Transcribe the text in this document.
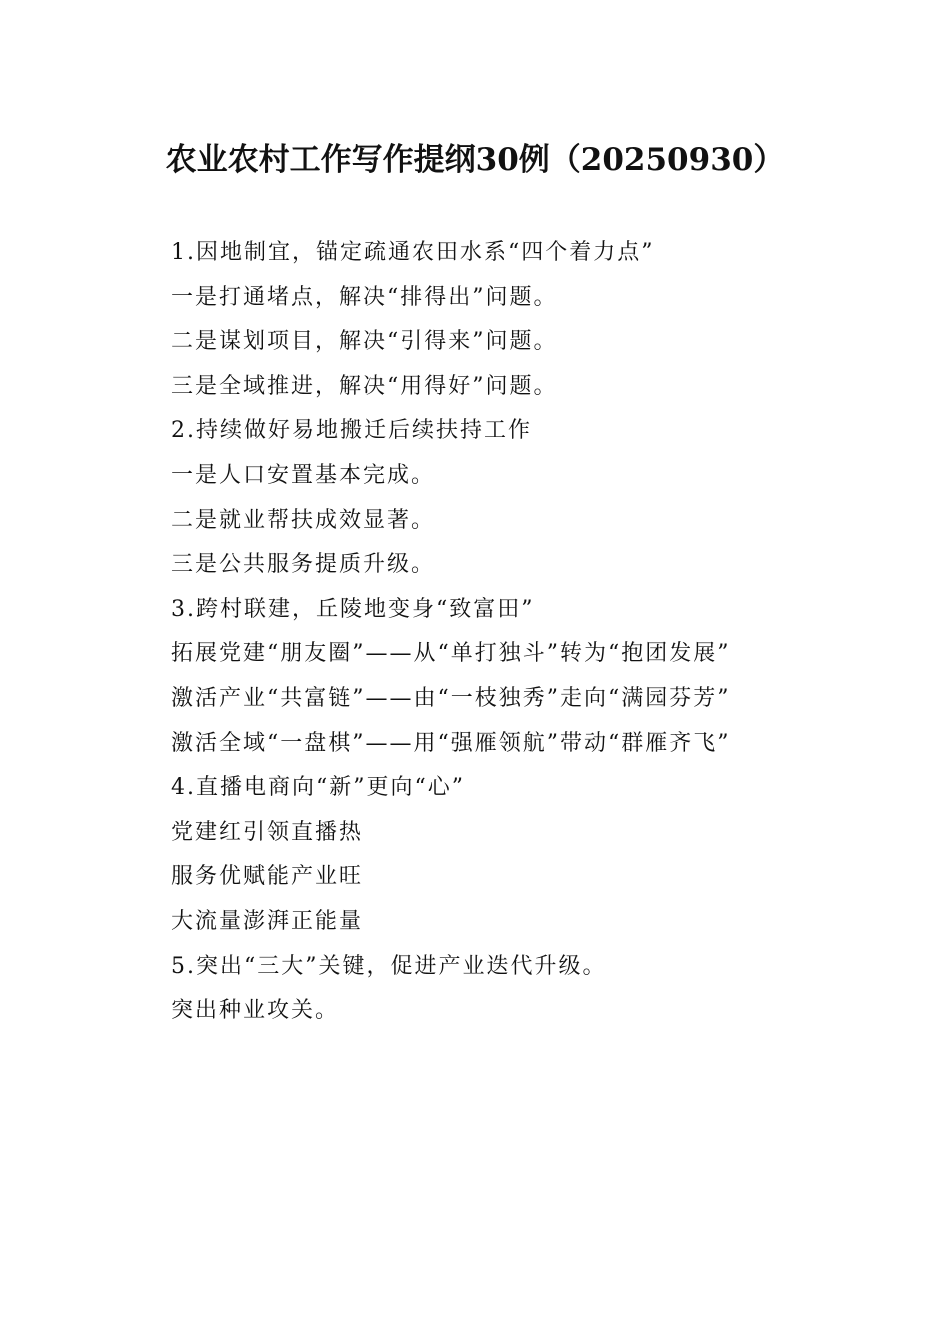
农业农村工作写作提纲30例（20250930）
1.因地制宜，锚定疏通农田水系“四个着力点”
一是打通堵点，解决“排得出”问题。
二是谋划项目，解决“引得来”问题。
三是全域推进，解决“用得好”问题。
2.持续做好易地搬迁后续扶持工作
一是人口安置基本完成。
二是就业帮扶成效显著。
三是公共服务提质升级。
3.跨村联建，丘陵地变身“致富田”
拓展党建“朋友圈”——从“单打独斗”转为“抱团发展”
激活产业“共富链”——由“一枝独秀”走向“满园芬芳”
激活全域“一盘棋”——用“强雁领航”带动“群雁齐飞”
4.直播电商向“新”更向“心”
党建红引领直播热
服务优赋能产业旺
大流量澎湃正能量
5.突出“三大”关键，促进产业迭代升级。
突出种业攻关。
